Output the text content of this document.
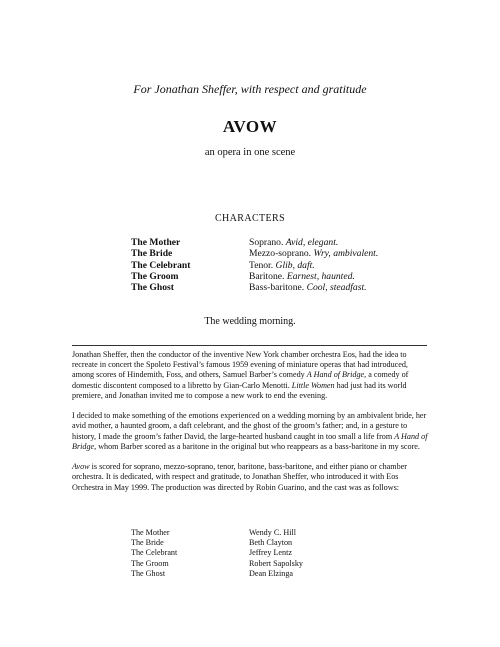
For Jonathan Sheffer, with respect and gratitude
AVOW
an opera in one scene
CHARACTERS
The Mother	Soprano. Avid, elegant.
The Bride	Mezzo-soprano. Wry, ambivalent.
The Celebrant	Tenor. Glib, daft.
The Groom	Baritone. Earnest, haunted.
The Ghost	Bass-baritone. Cool, steadfast.
The wedding morning.

Jonathan Sheffer, then the conductor of the inventive New York chamber orchestra Eos, had the idea to recreate in concert the Spoleto Festival’s famous 1959 evening of miniature operas that had introduced, among scores of Hindemith, Foss, and others, Samuel Barber’s comedy A Hand of Bridge, a comedy of domestic discontent composed to a libretto by Gian-Carlo Menotti. Little Women had just had its world premiere, and Jonathan invited me to compose a new work to end the evening.

I decided to make something of the emotions experienced on a wedding morning by an ambivalent bride, her avid mother, a haunted groom, a daft celebrant, and the ghost of the groom’s father; and, in a gesture to history, I made the groom’s father David, the large-hearted husband caught in too small a life from A Hand of Bridge, whom Barber scored as a baritone in the original but who reappears as a bass-baritone in my score.

Avow is scored for soprano, mezzo-soprano, tenor, baritone, bass-baritone, and either piano or chamber orchestra. It is dedicated, with respect and gratitude, to Jonathan Sheffer, who introduced it with Eos Orchestra in May 1999. The production was directed by Robin Guarino, and the cast was as follows:

The Mother	Wendy C. Hill
The Bride	Beth Clayton
The Celebrant	Jeffrey Lentz
The Groom	Robert Sapolsky
The Ghost	Dean Elzinga
